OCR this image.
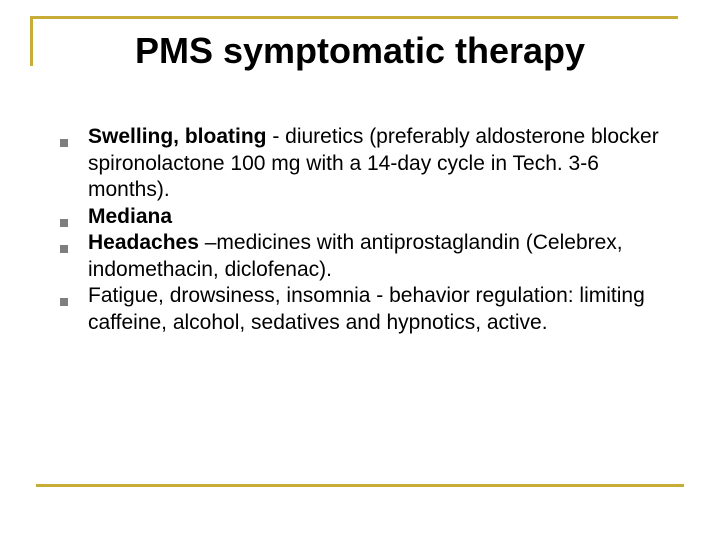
PMS symptomatic therapy
Swelling, bloating - diuretics (preferably aldosterone blocker spironolactone 100 mg with a 14-day cycle in Tech. 3-6 months).
Mediana
Headaches –medicines with antiprostaglandin (Celebrex, indomethacin, diclofenac).
Fatigue, drowsiness, insomnia - behavior regulation: limiting caffeine, alcohol, sedatives and hypnotics, active.
